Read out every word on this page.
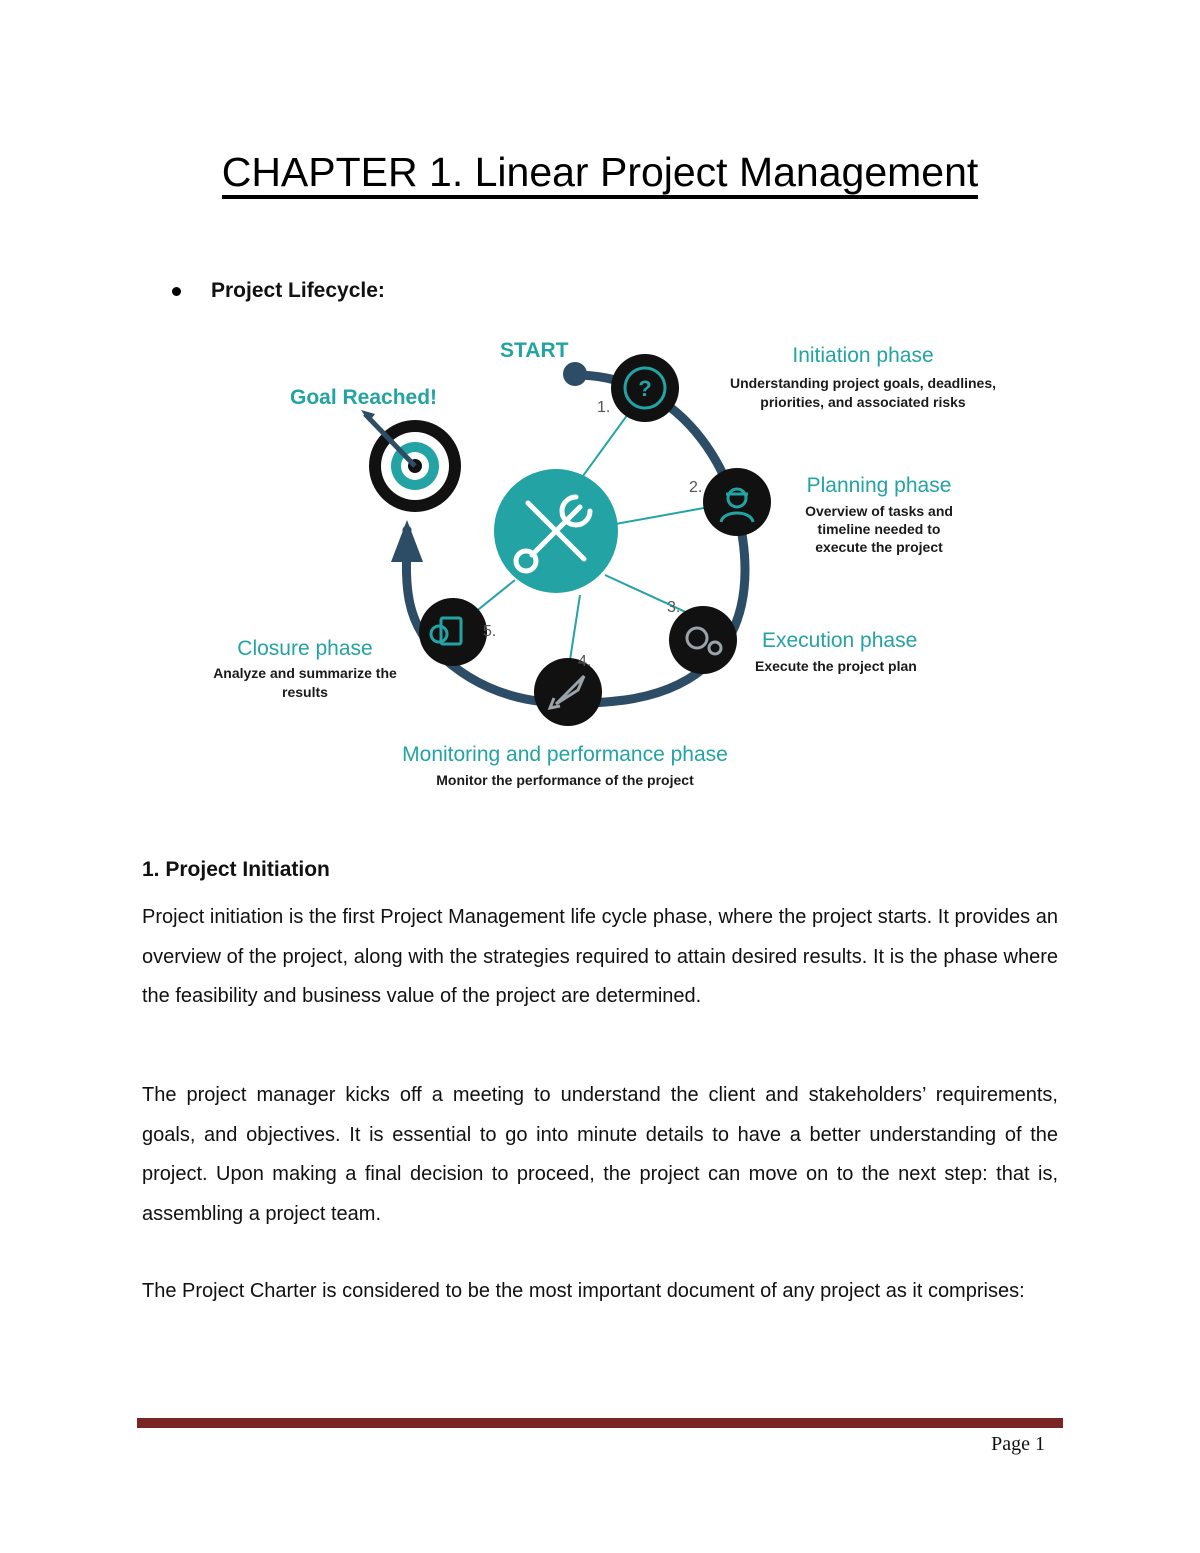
CHAPTER 1. Linear Project Management
Project Lifecycle:
?
1.
2.
3.
4.
5.
START
Goal Reached!
Initiation phase
Understanding project goals, deadlines,
priorities, and associated risks
Planning phase
Overview of tasks and
timeline needed to
execute the project
Execution phase
Execute the project plan
Monitoring and performance phase
Monitor the performance of the project
Closure phase
Analyze and summarize the
results
1. Project Initiation

Project initiation is the first Project Management life cycle phase, where the project starts. It provides an overview of the project, along with the strategies required to attain desired results. It is the phase where the feasibility and business value of the project are determined.

The project manager kicks off a meeting to understand the client and stakeholders’ requirements, goals, and objectives. It is essential to go into minute details to have a better understanding of the project. Upon making a final decision to proceed, the project can move on to the next step: that is, assembling a project team.

The Project Charter is considered to be the most important document of any project as it comprises:

Page 1
